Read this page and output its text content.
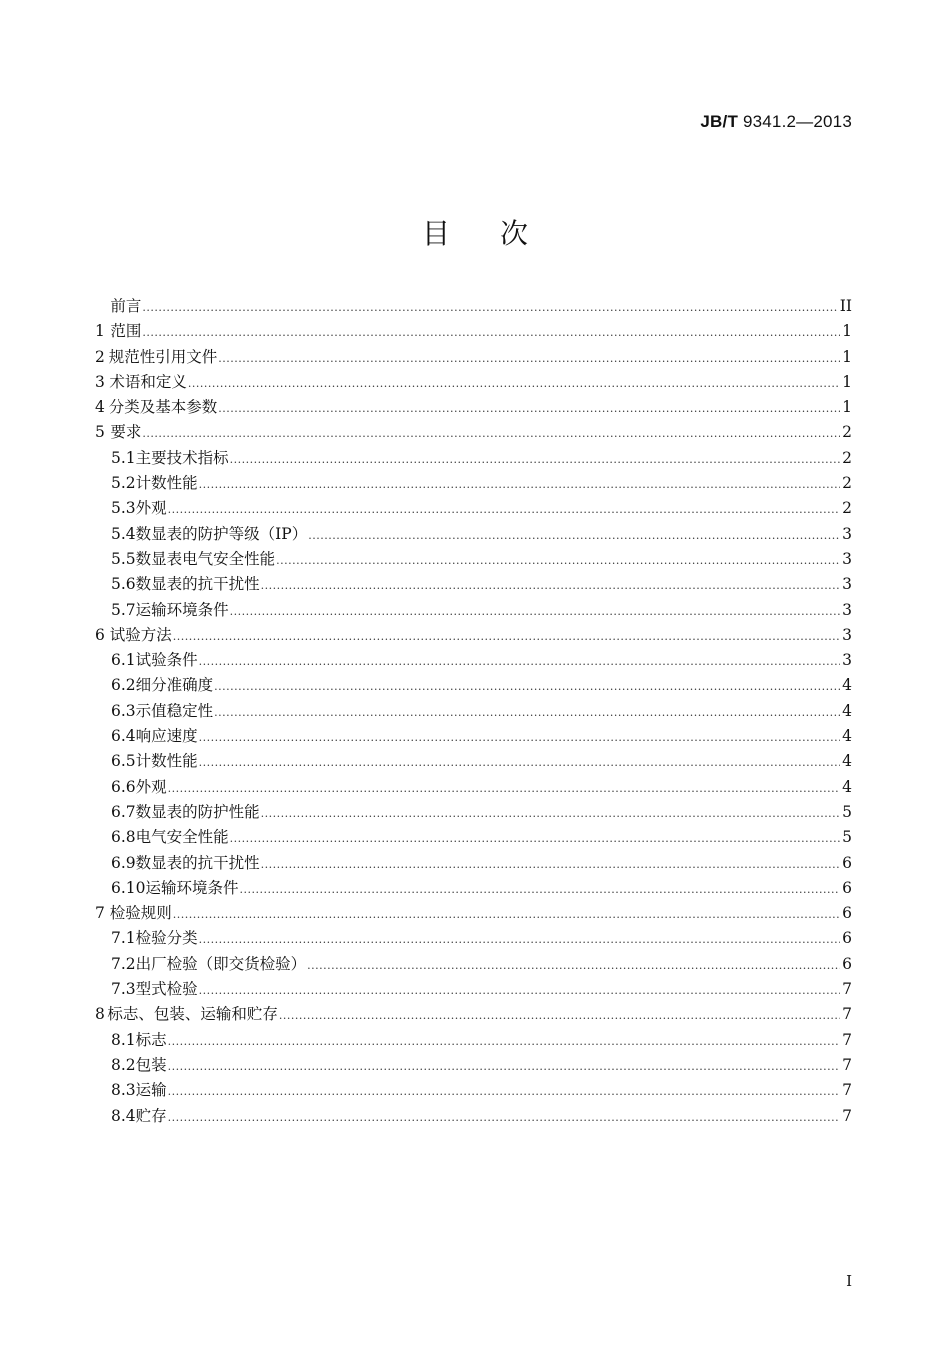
JB/T 9341.2—2013
目 次
前言 .....	II
1 范围 .....	1
2 规范性引用文件 .....	1
3 术语和定义 .....	1
4 分类及基本参数 .....	1
5 要求 .....	2
5.1 主要技术指标 .....	2
5.2 计数性能 .....	2
5.3 外观 .....	2
5.4 数显表的防护等级（IP） .....	3
5.5 数显表电气安全性能 .....	3
5.6 数显表的抗干扰性 .....	3
5.7 运输环境条件 .....	3
6 试验方法 .....	3
6.1 试验条件 .....	3
6.2 细分准确度 .....	4
6.3 示值稳定性 .....	4
6.4 响应速度 .....	4
6.5 计数性能 .....	4
6.6 外观 .....	4
6.7 数显表的防护性能 .....	5
6.8 电气安全性能 .....	5
6.9 数显表的抗干扰性 .....	6
6.10 运输环境条件 .....	6
7 检验规则 .....	6
7.1 检验分类 .....	6
7.2 出厂检验（即交货检验） .....	6
7.3 型式检验 .....	7
8 标志、包装、运输和贮存 .....	7
8.1 标志 .....	7
8.2 包装 .....	7
8.3 运输 .....	7
8.4 贮存 .....	7
I
